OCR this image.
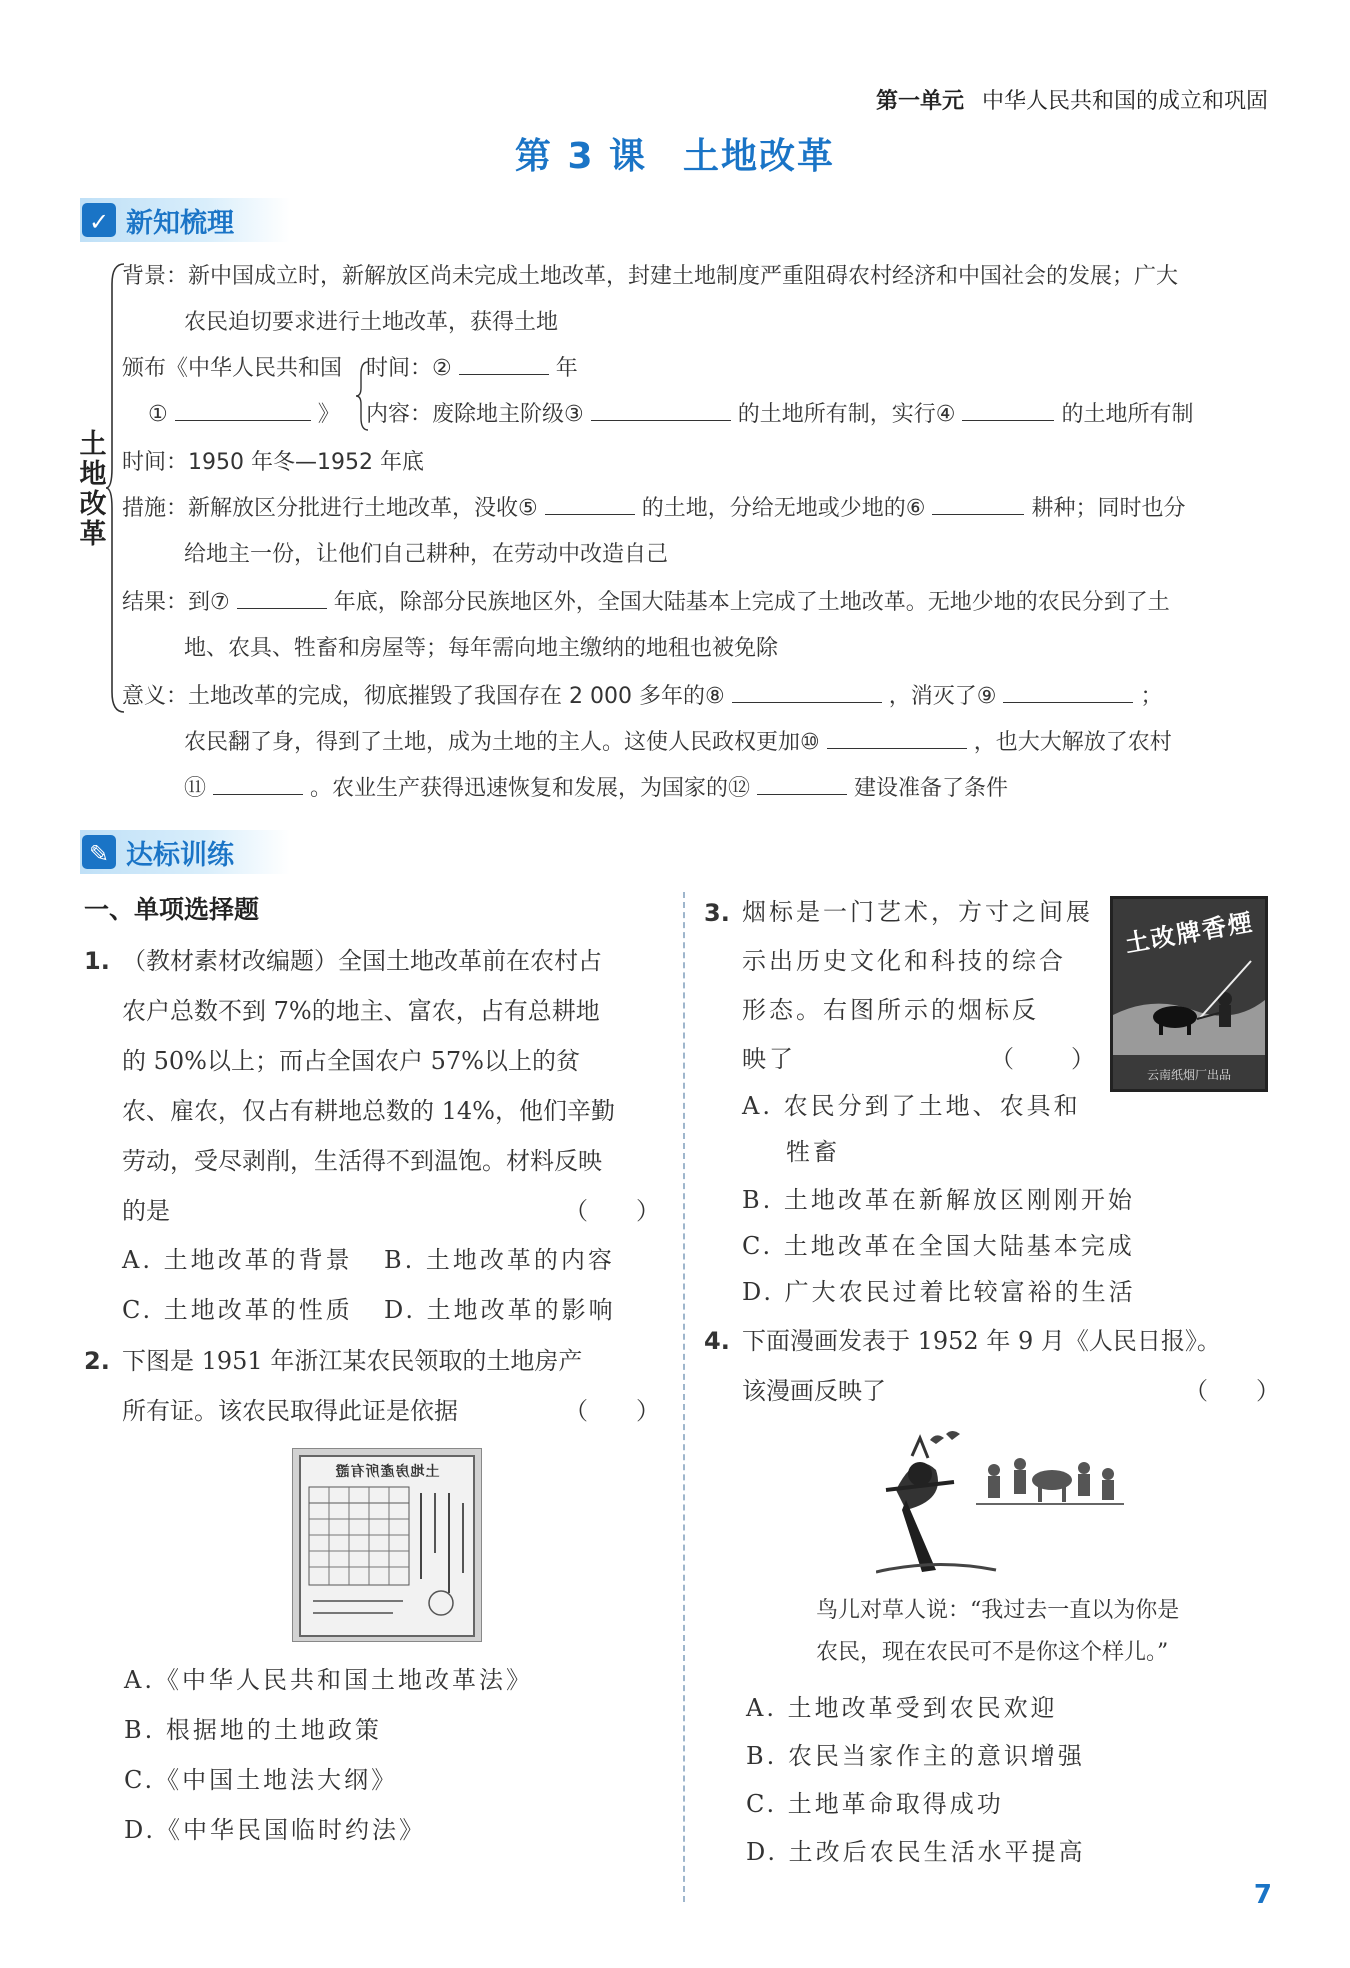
第一单元 中华人民共和国的成立和巩固
第 3 课 土地改革
✓ 新知梳理
土地改革
背景：新中国成立时，新解放区尚未完成土地改革，封建土地制度严重阻碍农村经济和中国社会的发展；广大
农民迫切要求进行土地改革，获得土地
颁布《中华人民共和国 时间：②	年
①	》 内容：废除地主阶级③	的土地所有制，实行④	的土地所有制
时间：1950 年冬—1952 年底
措施：新解放区分批进行土地改革，没收⑤	的土地，分给无地或少地的⑥	耕种；同时也分
给地主一份，让他们自己耕种，在劳动中改造自己
结果：到⑦	年底，除部分民族地区外，全国大陆基本上完成了土地改革。无地少地的农民分到了土
地、农具、牲畜和房屋等；每年需向地主缴纳的地租也被免除
意义：土地改革的完成，彻底摧毁了我国存在 2 000 多年的⑧	，消灭了⑨	；
农民翻了身，得到了土地，成为土地的主人。这使人民政权更加⑩	，也大大解放了农村
⑪	。农业生产获得迅速恢复和发展，为国家的⑫	建设准备了条件
✎ 达标训练
一、单项选择题
1. （教材素材改编题）全国土地改革前在农村占
农户总数不到 7%的地主、富农，占有总耕地
的 50%以上；而占全国农户 57%以上的贫
农、雇农，仅占有耕地总数的 14%，他们辛勤
劳动，受尽剥削，生活得不到温饱。材料反映
的是	（　　）
A. 土地改革的背景 B. 土地改革的内容
C. 土地改革的性质 D. 土地改革的影响
2. 下图是 1951 年浙江某农民领取的土地房产
所有证。该农民取得此证是依据	（　　）
土地房產所有證
A.《中华人民共和国土地改革法》
B. 根据地的土地政策
C.《中国土地法大纲》
D.《中华民国临时约法》
3. 烟标是一门艺术，方寸之间展
示出历史文化和科技的综合
形态。右图所示的烟标反
映了	（　　）
土改牌香煙
云南纸烟厂出品
A. 农民分到了土地、农具和
牲畜
B. 土地改革在新解放区刚刚开始
C. 土地改革在全国大陆基本完成
D. 广大农民过着比较富裕的生活
4. 下面漫画发表于 1952 年 9 月《人民日报》。
该漫画反映了	（　　）
鸟儿对草人说：“我过去一直以为你是
农民，现在农民可不是你这个样儿。”
A. 土地改革受到农民欢迎
B. 农民当家作主的意识增强
C. 土地革命取得成功
D. 土改后农民生活水平提高
7
